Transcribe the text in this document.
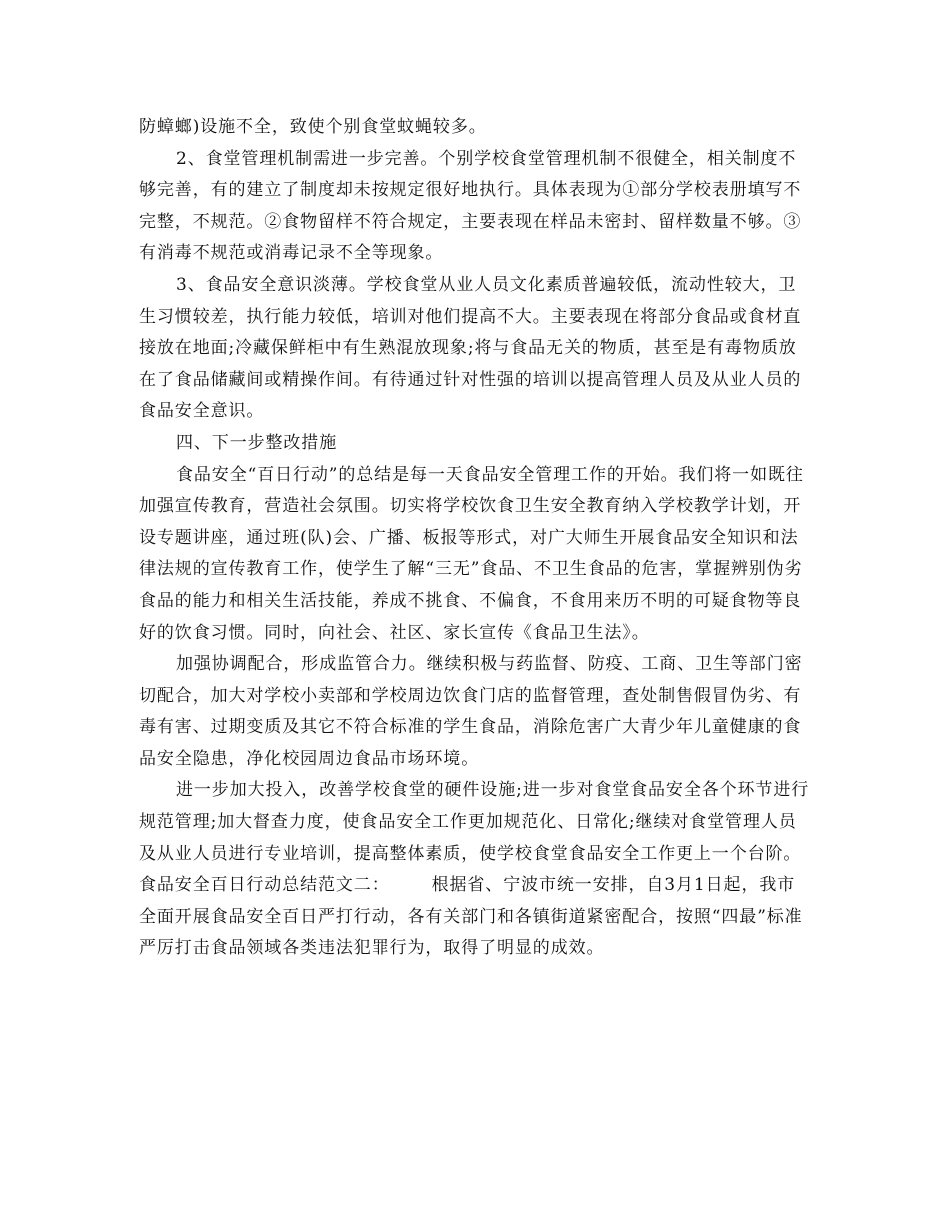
防蟑螂)设施不全，致使个别食堂蚊蝇较多。

2、食堂管理机制需进一步完善。个别学校食堂管理机制不很健全，相关制度不够完善，有的建立了制度却未按规定很好地执行。具体表现为①部分学校表册填写不完整，不规范。②食物留样不符合规定，主要表现在样品未密封、留样数量不够。③有消毒不规范或消毒记录不全等现象。

3、食品安全意识淡薄。学校食堂从业人员文化素质普遍较低，流动性较大，卫生习惯较差，执行能力较低，培训对他们提高不大。主要表现在将部分食品或食材直接放在地面;冷藏保鲜柜中有生熟混放现象;将与食品无关的物质，甚至是有毒物质放在了食品储藏间或精操作间。有待通过针对性强的培训以提高管理人员及从业人员的食品安全意识。

四、下一步整改措施

食品安全“百日行动”的总结是每一天食品安全管理工作的开始。我们将一如既往加强宣传教育，营造社会氛围。切实将学校饮食卫生安全教育纳入学校教学计划，开设专题讲座，通过班(队)会、广播、板报等形式，对广大师生开展食品安全知识和法律法规的宣传教育工作，使学生了解“三无”食品、不卫生食品的危害，掌握辨别伪劣食品的能力和相关生活技能，养成不挑食、不偏食，不食用来历不明的可疑食物等良好的饮食习惯。同时，向社会、社区、家长宣传《食品卫生法》。

加强协调配合，形成监管合力。继续积极与药监督、防疫、工商、卫生等部门密切配合，加大对学校小卖部和学校周边饮食门店的监督管理，查处制售假冒伪劣、有毒有害、过期变质及其它不符合标准的学生食品，消除危害广大青少年儿童健康的食品安全隐患，净化校园周边食品市场环境。

进一步加大投入，改善学校食堂的硬件设施;进一步对食堂食品安全各个环节进行规范管理;加大督查力度，使食品安全工作更加规范化、日常化;继续对食堂管理人员及从业人员进行专业培训，提高整体素质，使学校食堂食品安全工作更上一个台阶。

食品安全百日行动总结范文二： 根据省、宁波市统一安排，自3月1日起，我市全面开展食品安全百日严打行动，各有关部门和各镇街道紧密配合，按照“四最”标准严厉打击食品领域各类违法犯罪行为，取得了明显的成效。
